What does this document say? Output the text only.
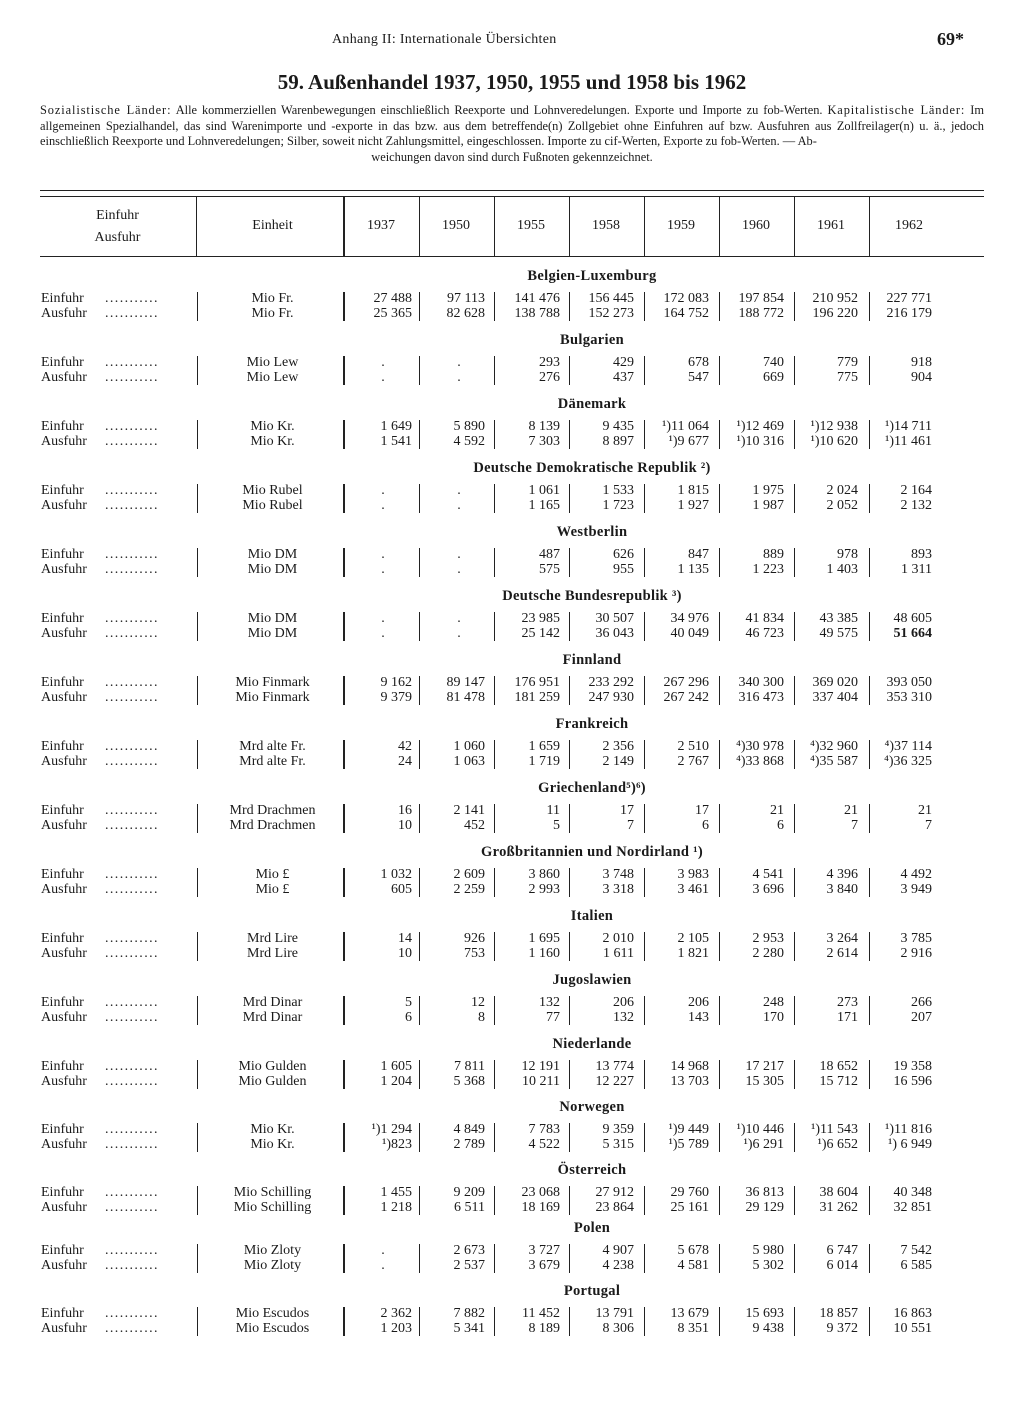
Anhang II: Internationale Übersichten	69*
59. Außenhandel 1937, 1950, 1955 und 1958 bis 1962
Sozialistische Länder: Alle kommerziellen Warenbewegungen einschließlich Reexporte und Lohnveredelungen. Exporte und Importe zu fob-Werten. Kapitalistische Länder: Im allgemeinen Spezialhandel, das sind Warenimporte und -exporte in das bzw. aus dem betreffende(n) Zollgebiet ohne Einfuhren auf bzw. Ausfuhren aus Zollfreilager(n) u. ä., jedoch einschließlich Reexporte und Lohnveredelungen; Silber, soweit nicht Zahlungsmittel, eingeschlossen. Importe zu cif-Werten, Exporte zu fob-Werten. — Ab-
weichungen davon sind durch Fußnoten gekennzeichnet.
Einfuhr
Ausfuhr
Einheit	1937	1950	1955	1958	1959	1960	1961	1962
Belgien-Luxemburg
Einfuhr ...........	Mio Fr.	27 488	97 113	141 476	156 445	172 083	197 854	210 952	227 771
Ausfuhr ...........	Mio Fr.	25 365	82 628	138 788	152 273	164 752	188 772	196 220	216 179
Bulgarien
Einfuhr ...........	Mio Lew	.	.	293	429	678	740	779	918
Ausfuhr ...........	Mio Lew	.	.	276	437	547	669	775	904
Dänemark
Einfuhr ...........	Mio Kr.	1 649	5 890	8 139	9 435	¹)11 064	¹)12 469	¹)12 938	¹)14 711
Ausfuhr ...........	Mio Kr.	1 541	4 592	7 303	8 897	¹)9 677	¹)10 316	¹)10 620	¹)11 461
Deutsche Demokratische Republik ²)
Einfuhr ...........	Mio Rubel	.	.	1 061	1 533	1 815	1 975	2 024	2 164
Ausfuhr ...........	Mio Rubel	.	.	1 165	1 723	1 927	1 987	2 052	2 132
Westberlin
Einfuhr ...........	Mio DM	.	.	487	626	847	889	978	893
Ausfuhr ...........	Mio DM	.	.	575	955	1 135	1 223	1 403	1 311
Deutsche Bundesrepublik ³)
Einfuhr ...........	Mio DM	.	.	23 985	30 507	34 976	41 834	43 385	48 605
Ausfuhr ...........	Mio DM	.	.	25 142	36 043	40 049	46 723	49 575	51 664
Finnland
Einfuhr ...........	Mio Finmark	9 162	89 147	176 951	233 292	267 296	340 300	369 020	393 050
Ausfuhr ...........	Mio Finmark	9 379	81 478	181 259	247 930	267 242	316 473	337 404	353 310
Frankreich
Einfuhr ...........	Mrd alte Fr.	42	1 060	1 659	2 356	2 510	⁴)30 978	⁴)32 960	⁴)37 114
Ausfuhr ...........	Mrd alte Fr.	24	1 063	1 719	2 149	2 767	⁴)33 868	⁴)35 587	⁴)36 325
Griechenland⁵)⁶)
Einfuhr ...........	Mrd Drachmen	16	2 141	11	17	17	21	21	21
Ausfuhr ...........	Mrd Drachmen	10	452	5	7	6	6	7	7
Großbritannien und Nordirland ¹)
Einfuhr ...........	Mio £	1 032	2 609	3 860	3 748	3 983	4 541	4 396	4 492
Ausfuhr ...........	Mio £	605	2 259	2 993	3 318	3 461	3 696	3 840	3 949
Italien
Einfuhr ...........	Mrd Lire	14	926	1 695	2 010	2 105	2 953	3 264	3 785
Ausfuhr ...........	Mrd Lire	10	753	1 160	1 611	1 821	2 280	2 614	2 916
Jugoslawien
Einfuhr ...........	Mrd Dinar	5	12	132	206	206	248	273	266
Ausfuhr ...........	Mrd Dinar	6	8	77	132	143	170	171	207
Niederlande
Einfuhr ...........	Mio Gulden	1 605	7 811	12 191	13 774	14 968	17 217	18 652	19 358
Ausfuhr ...........	Mio Gulden	1 204	5 368	10 211	12 227	13 703	15 305	15 712	16 596
Norwegen
Einfuhr ...........	Mio Kr.	¹)1 294	4 849	7 783	9 359	¹)9 449	¹)10 446	¹)11 543	¹)11 816
Ausfuhr ...........	Mio Kr.	¹)823	2 789	4 522	5 315	¹)5 789	¹)6 291	¹)6 652	¹) 6 949
Österreich
Einfuhr ...........	Mio Schilling	1 455	9 209	23 068	27 912	29 760	36 813	38 604	40 348
Ausfuhr ...........	Mio Schilling	1 218	6 511	18 169	23 864	25 161	29 129	31 262	32 851
Polen
Einfuhr ...........	Mio Zloty	.	2 673	3 727	4 907	5 678	5 980	6 747	7 542
Ausfuhr ...........	Mio Zloty	.	2 537	3 679	4 238	4 581	5 302	6 014	6 585
Portugal
Einfuhr ...........	Mio Escudos	2 362	7 882	11 452	13 791	13 679	15 693	18 857	16 863
Ausfuhr ...........	Mio Escudos	1 203	5 341	8 189	8 306	8 351	9 438	9 372	10 551
